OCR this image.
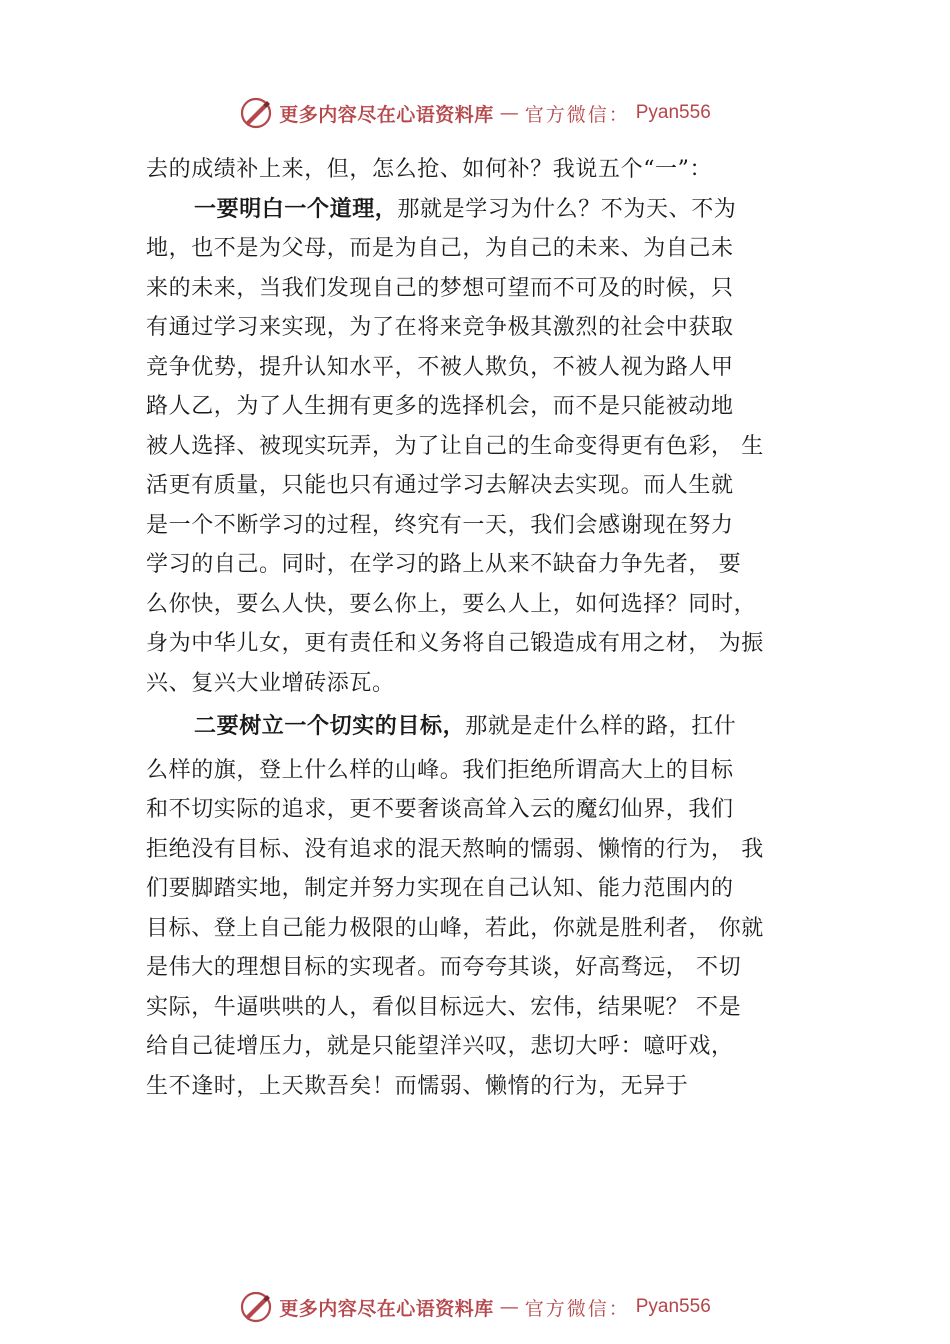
更多内容尽在心语资料库 — 官方微信： Pyan556
去的成绩补上来，但，怎么抢、如何补？我说五个“一”：
一要明白一个道理，那就是学习为什么？不为天、不为
地，也不是为父母，而是为自己，为自己的未来、为自己未
来的未来，当我们发现自己的梦想可望而不可及的时候，只
有通过学习来实现，为了在将来竞争极其激烈的社会中获取
竞争优势，提升认知水平，不被人欺负，不被人视为路人甲
路人乙，为了人生拥有更多的选择机会，而不是只能被动地
被人选择、被现实玩弄，为了让自己的生命变得更有色彩， 生
活更有质量，只能也只有通过学习去解决去实现。而人生就
是一个不断学习的过程，终究有一天，我们会感谢现在努力
学习的自己。同时，在学习的路上从来不缺奋力争先者， 要
么你快，要么人快，要么你上，要么人上，如何选择？同时，
身为中华儿女，更有责任和义务将自己锻造成有用之材， 为振
兴、复兴大业增砖添瓦。
二要树立一个切实的目标，那就是走什么样的路，扛什
么样的旗，登上什么样的山峰。我们拒绝所谓高大上的目标
和不切实际的追求，更不要奢谈高耸入云的魔幻仙界，我们
拒绝没有目标、没有追求的混天熬晌的懦弱、懒惰的行为， 我
们要脚踏实地，制定并努力实现在自己认知、能力范围内的
目标、登上自己能力极限的山峰，若此，你就是胜利者， 你就
是伟大的理想目标的实现者。而夸夸其谈，好高骛远， 不切
实际，牛逼哄哄的人，看似目标远大、宏伟，结果呢？ 不是
给自己徒增压力，就是只能望洋兴叹，悲切大呼：噫吁戏，
生不逢时，上天欺吾矣！而懦弱、懒惰的行为，无异于
更多内容尽在心语资料库 — 官方微信： Pyan556
